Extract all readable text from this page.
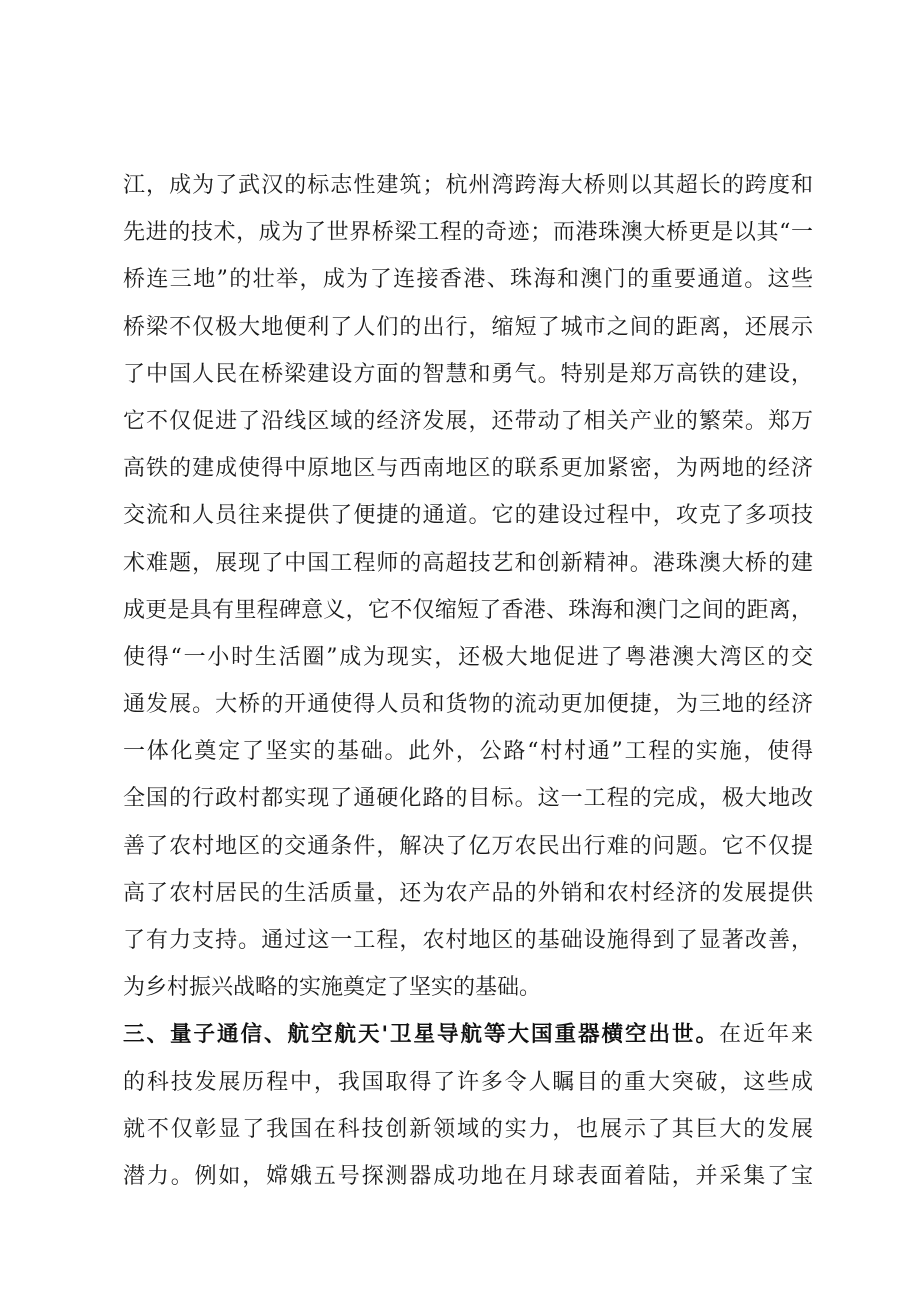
江，成为了武汉的标志性建筑；杭州湾跨海大桥则以其超长的跨度和
先进的技术，成为了世界桥梁工程的奇迹；而港珠澳大桥更是以其“一
桥连三地”的壮举，成为了连接香港、珠海和澳门的重要通道。这些
桥梁不仅极大地便利了人们的出行，缩短了城市之间的距离，还展示
了中国人民在桥梁建设方面的智慧和勇气。特别是郑万高铁的建设，
它不仅促进了沿线区域的经济发展，还带动了相关产业的繁荣。郑万
高铁的建成使得中原地区与西南地区的联系更加紧密，为两地的经济
交流和人员往来提供了便捷的通道。它的建设过程中，攻克了多项技
术难题，展现了中国工程师的高超技艺和创新精神。港珠澳大桥的建
成更是具有里程碑意义，它不仅缩短了香港、珠海和澳门之间的距离，
使得“一小时生活圈”成为现实，还极大地促进了粤港澳大湾区的交
通发展。大桥的开通使得人员和货物的流动更加便捷，为三地的经济
一体化奠定了坚实的基础。此外，公路“村村通”工程的实施，使得
全国的行政村都实现了通硬化路的目标。这一工程的完成，极大地改
善了农村地区的交通条件，解决了亿万农民出行难的问题。它不仅提
高了农村居民的生活质量，还为农产品的外销和农村经济的发展提供
了有力支持。通过这一工程，农村地区的基础设施得到了显著改善，
为乡村振兴战略的实施奠定了坚实的基础。
三、量子通信、航空航天'卫星导航等大国重器横空出世。在近年来
的科技发展历程中，我国取得了许多令人瞩目的重大突破，这些成
就不仅彰显了我国在科技创新领域的实力，也展示了其巨大的发展
潜力。例如，嫦娥五号探测器成功地在月球表面着陆，并采集了宝
